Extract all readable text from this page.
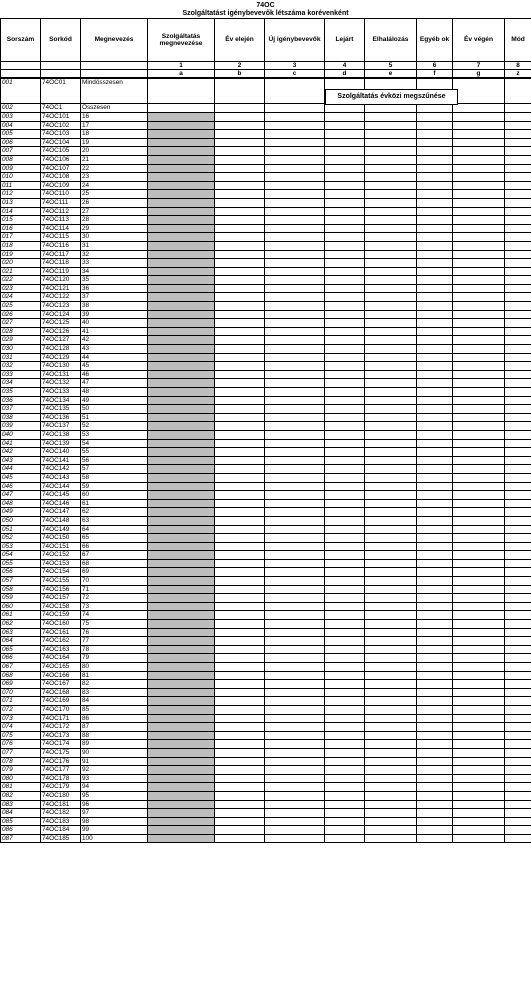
74OC
Szolgáltatást igénybevevők létszáma korévenként
Sorszám	Sorkód	Megnevezés	Szolgáltatás megnevezése	Év elején	Új igénybevevők	Lejárt	Elhalálozás	Egyéb ok	Év végén	Mód
			1	2	3	4	5	6	7	8
			a	b	c	d	e	f	g	z
001	74OC01	Mindösszesen								
002	74OC1	Összesen								
003	74OC101	16								
004	74OC102	17								
005	74OC103	18								
006	74OC104	19								
007	74OC105	20								
008	74OC106	21								
009	74OC107	22								
010	74OC108	23								
011	74OC109	24								
012	74OC110	25								
013	74OC111	26								
014	74OC112	27								
015	74OC113	28								
016	74OC114	29								
017	74OC115	30								
018	74OC116	31								
019	74OC117	32								
020	74OC118	33								
021	74OC119	34								
022	74OC120	35								
023	74OC121	36								
024	74OC122	37								
025	74OC123	38								
026	74OC124	39								
027	74OC125	40								
028	74OC126	41								
029	74OC127	42								
030	74OC128	43								
031	74OC129	44								
032	74OC130	45								
033	74OC131	46								
034	74OC132	47								
035	74OC133	48								
036	74OC134	49								
037	74OC135	50								
038	74OC136	51								
039	74OC137	52								
040	74OC138	53								
041	74OC139	54								
042	74OC140	55								
043	74OC141	56								
044	74OC142	57								
045	74OC143	58								
046	74OC144	59								
047	74OC145	60								
048	74OC146	61								
049	74OC147	62								
050	74OC148	63								
051	74OC149	64								
052	74OC150	65								
053	74OC151	66								
054	74OC152	67								
055	74OC153	68								
056	74OC154	69								
057	74OC155	70								
058	74OC156	71								
059	74OC157	72								
060	74OC158	73								
061	74OC159	74								
062	74OC160	75								
063	74OC161	76								
064	74OC162	77								
065	74OC163	78								
066	74OC164	79								
067	74OC165	80								
068	74OC166	81								
069	74OC167	82								
070	74OC168	83								
071	74OC169	84								
072	74OC170	85								
073	74OC171	86								
074	74OC172	87								
075	74OC173	88								
076	74OC174	89								
077	74OC175	90								
078	74OC176	91								
079	74OC177	92								
080	74OC178	93								
081	74OC179	94								
082	74OC180	95								
083	74OC181	96								
084	74OC182	97								
085	74OC183	98								
086	74OC184	99								
087	74OC185	100								
Szolgáltatás évközi megszűnése
